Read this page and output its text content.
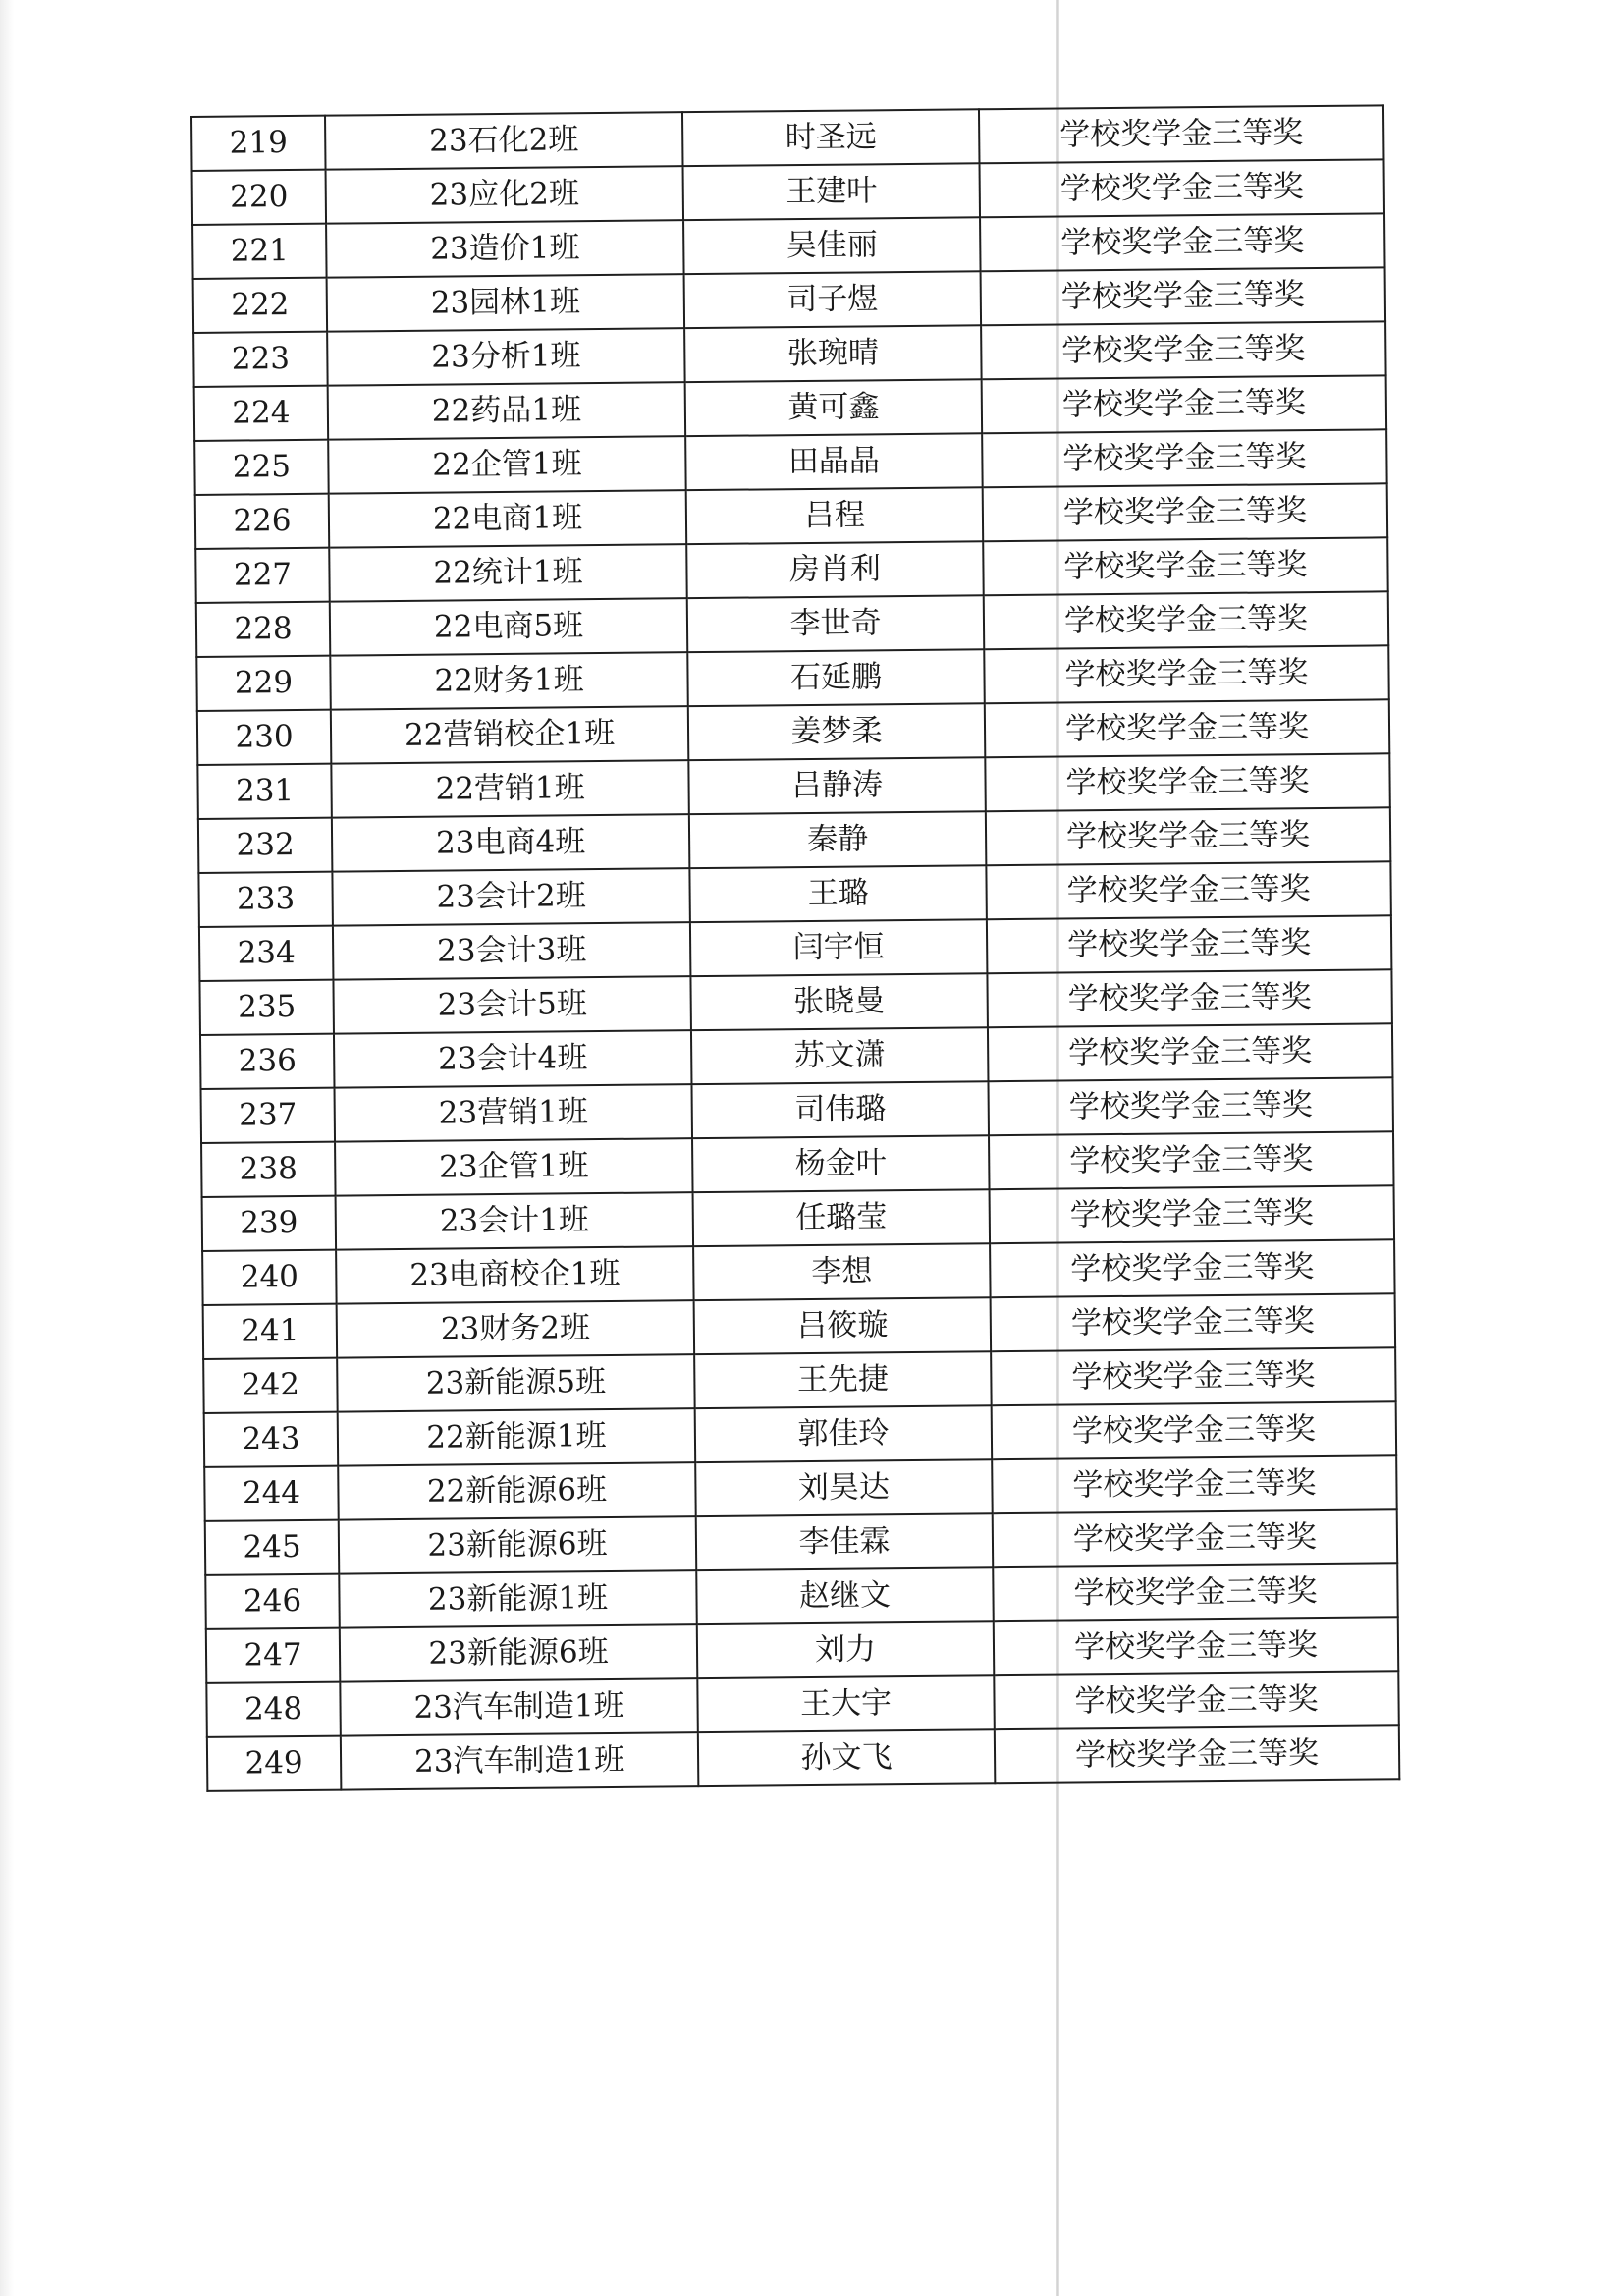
219	23石化2班	时圣远	学校奖学金三等奖
220	23应化2班	王建叶	学校奖学金三等奖
221	23造价1班	吴佳丽	学校奖学金三等奖
222	23园林1班	司子煜	学校奖学金三等奖
223	23分析1班	张琬晴	学校奖学金三等奖
224	22药品1班	黄可鑫	学校奖学金三等奖
225	22企管1班	田晶晶	学校奖学金三等奖
226	22电商1班	吕程	学校奖学金三等奖
227	22统计1班	房肖利	学校奖学金三等奖
228	22电商5班	李世奇	学校奖学金三等奖
229	22财务1班	石延鹏	学校奖学金三等奖
230	22营销校企1班	姜梦柔	学校奖学金三等奖
231	22营销1班	吕静涛	学校奖学金三等奖
232	23电商4班	秦静	学校奖学金三等奖
233	23会计2班	王璐	学校奖学金三等奖
234	23会计3班	闫宇恒	学校奖学金三等奖
235	23会计5班	张晓曼	学校奖学金三等奖
236	23会计4班	苏文潇	学校奖学金三等奖
237	23营销1班	司伟璐	学校奖学金三等奖
238	23企管1班	杨金叶	学校奖学金三等奖
239	23会计1班	任璐莹	学校奖学金三等奖
240	23电商校企1班	李想	学校奖学金三等奖
241	23财务2班	吕筱璇	学校奖学金三等奖
242	23新能源5班	王先捷	学校奖学金三等奖
243	22新能源1班	郭佳玲	学校奖学金三等奖
244	22新能源6班	刘昊达	学校奖学金三等奖
245	23新能源6班	李佳霖	学校奖学金三等奖
246	23新能源1班	赵继文	学校奖学金三等奖
247	23新能源6班	刘力	学校奖学金三等奖
248	23汽车制造1班	王大宇	学校奖学金三等奖
249	23汽车制造1班	孙文飞	学校奖学金三等奖
